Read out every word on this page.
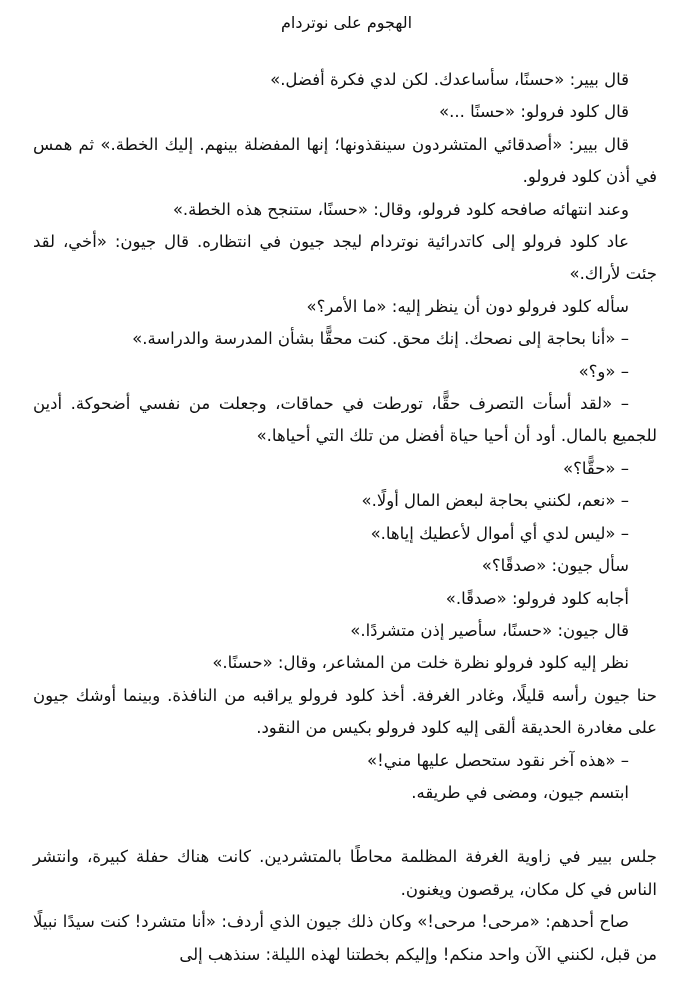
الهجوم على نوتردام

قال بيير: «حسنًا، سأساعدك. لكن لدي فكرة أفضل.»

قال كلود فرولو: «حسنًا ...»

قال بيير: «أصدقائي المتشردون سينقذونها؛ إنها المفضلة بينهم. إليك الخطة.» ثم همس في أذن كلود فرولو.

وعند انتهائه صافحه كلود فرولو، وقال: «حسنًا، ستنجح هذه الخطة.»

عاد كلود فرولو إلى كاتدرائية نوتردام ليجد جيون في انتظاره. قال جيون: «أخي، لقد جئت لأراك.»

سأله كلود فرولو دون أن ينظر إليه: «ما الأمر؟»

– «أنا بحاجة إلى نصحك. إنك محق. كنت محقًّا بشأن المدرسة والدراسة.»

– «و؟»

– «لقد أسأت التصرف حقًّا، تورطت في حماقات، وجعلت من نفسي أضحوكة. أدين للجميع بالمال. أود أن أحيا حياة أفضل من تلك التي أحياها.»

– «حقًّا؟»

– «نعم، لكنني بحاجة لبعض المال أولًا.»

– «ليس لدي أي أموال لأعطيك إياها.»

سأل جيون: «صدقًا؟»

أجابه كلود فرولو: «صدقًا.»

قال جيون: «حسنًا، سأصير إذن متشردًا.»

نظر إليه كلود فرولو نظرة خلت من المشاعر، وقال: «حسنًا.»

حنا جيون رأسه قليلًا، وغادر الغرفة. أخذ كلود فرولو يراقبه من النافذة. وبينما أوشك جيون على مغادرة الحديقة ألقى إليه كلود فرولو بكيس من النقود.

– «هذه آخر نقود ستحصل عليها مني!»

ابتسم جيون، ومضى في طريقه.

جلس بيير في زاوية الغرفة المظلمة محاطًا بالمتشردين. كانت هناك حفلة كبيرة، وانتشر الناس في كل مكان، يرقصون ويغنون.

صاح أحدهم: «مرحى! مرحى!» وكان ذلك جيون الذي أردف: «أنا متشرد! كنت سيدًا نبيلًا من قبل، لكنني الآن واحد منكم! وإليكم بخطتنا لهذه الليلة: سنذهب إلى
